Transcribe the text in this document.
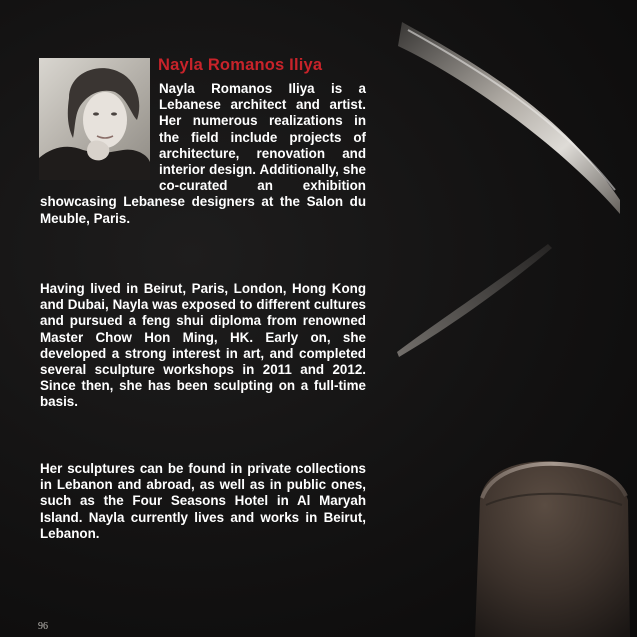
Nayla Romanos Iliya

Nayla Romanos Iliya is a Lebanese architect and artist. Her numerous realizations in the field include projects of architecture, renovation and interior design. Additionally, she co-curated an exhibition showcasing Lebanese designers at the Salon du Meuble, Paris.

Having lived in Beirut, Paris, London, Hong Kong and Dubai, Nayla was exposed to different cultures and pursued a feng shui diploma from renowned Master Chow Hon Ming, HK. Early on, she developed a strong interest in art, and completed several sculpture workshops in 2011 and 2012. Since then, she has been sculpting on a full-time basis.

Her sculptures can be found in private collections in Lebanon and abroad, as well as in public ones, such as the Four Seasons Hotel in Al Maryah Island. Nayla currently lives and works in Beirut, Lebanon.

96
